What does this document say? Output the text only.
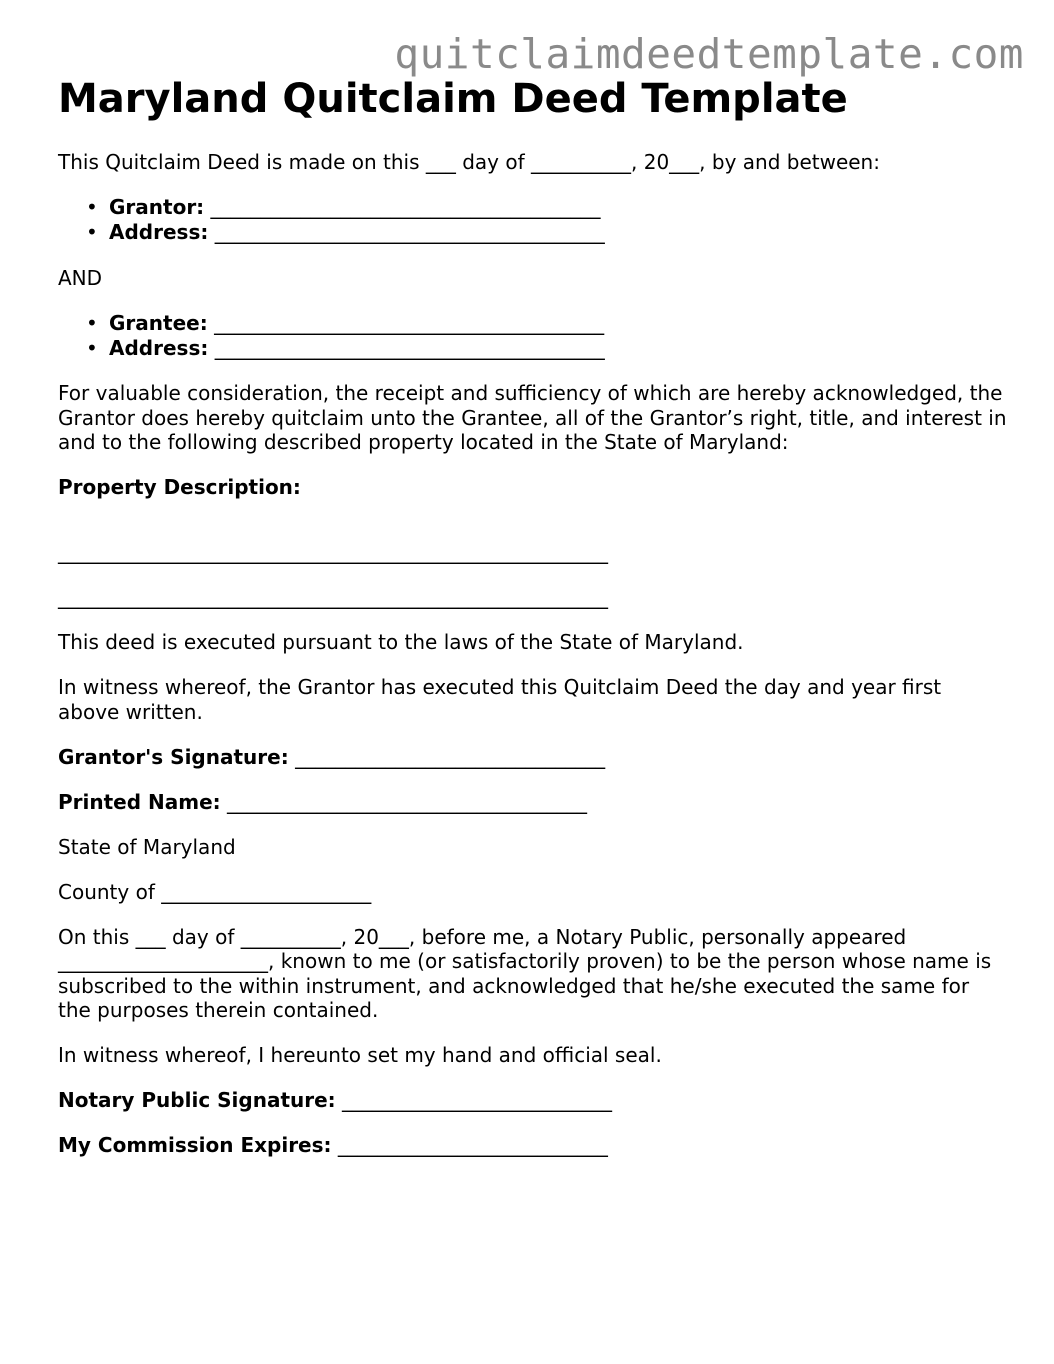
quitclaimdeedtemplate.com
Maryland Quitclaim Deed Template

This Quitclaim Deed is made on this ___ day of __________, 20___, by and between:

• Grantor: _______________________________________
• Address: _______________________________________

AND

• Grantee: _______________________________________
• Address: _______________________________________

For valuable consideration, the receipt and sufficiency of which are hereby acknowledged, the Grantor does hereby quitclaim unto the Grantee, all of the Grantor’s right, title, and interest in and to the following described property located in the State of Maryland:

Property Description:

_______________________________________________________
_______________________________________________________

This deed is executed pursuant to the laws of the State of Maryland.

In witness whereof, the Grantor has executed this Quitclaim Deed the day and year first above written.

Grantor's Signature: _______________________________

Printed Name: ____________________________________

State of Maryland

County of _____________________

On this ___ day of __________, 20___, before me, a Notary Public, personally appeared _____________________, known to me (or satisfactorily proven) to be the person whose name is subscribed to the within instrument, and acknowledged that he/she executed the same for the purposes therein contained.

In witness whereof, I hereunto set my hand and official seal.

Notary Public Signature: ___________________________

My Commission Expires: ___________________________
